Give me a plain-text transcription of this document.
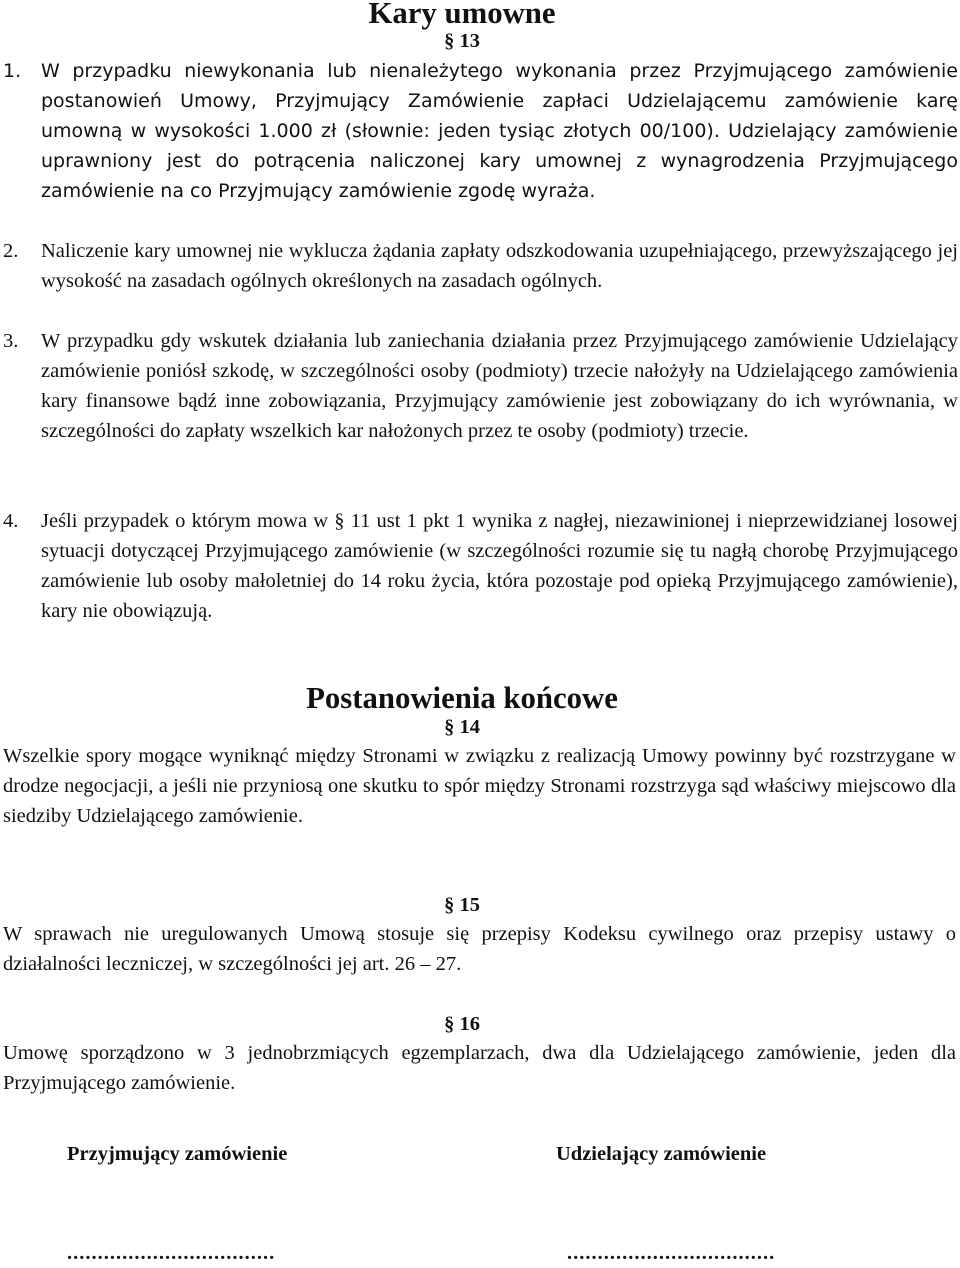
Kary umowne
§ 13
1. W przypadku niewykonania lub nienależytego wykonania przez Przyjmującego zamówienie postanowień Umowy, Przyjmujący Zamówienie zapłaci Udzielającemu zamówienie karę umowną w wysokości 1.000 zł (słownie: jeden tysiąc złotych 00/100). Udzielający zamówienie uprawniony jest do potrącenia naliczonej kary umownej z wynagrodzenia Przyjmującego zamówienie na co Przyjmujący zamówienie zgodę wyraża.
2. Naliczenie kary umownej nie wyklucza żądania zapłaty odszkodowania uzupełniającego, przewyższającego jej wysokość na zasadach ogólnych określonych na zasadach ogólnych.
3. W przypadku gdy wskutek działania lub zaniechania działania przez Przyjmującego zamówienie Udzielający zamówienie poniósł szkodę, w szczególności osoby (podmioty) trzecie nałożyły na Udzielającego zamówienia kary finansowe bądź inne zobowiązania, Przyjmujący zamówienie jest zobowiązany do ich wyrównania, w szczególności do zapłaty wszelkich kar nałożonych przez te osoby (podmioty) trzecie.
4. Jeśli przypadek o którym mowa w § 11 ust 1 pkt 1 wynika z nagłej, niezawinionej i nieprzewidzianej losowej sytuacji dotyczącej Przyjmującego zamówienie (w szczególności rozumie się tu nagłą chorobę Przyjmującego zamówienie lub osoby małoletniej do 14 roku życia, która pozostaje pod opieką Przyjmującego zamówienie), kary nie obowiązują.
Postanowienia końcowe
§ 14

Wszelkie spory mogące wyniknąć między Stronami w związku z realizacją Umowy powinny być rozstrzygane w drodze negocjacji, a jeśli nie przyniosą one skutku to spór między Stronami rozstrzyga sąd właściwy miejscowo dla siedziby Udzielającego zamówienie.

§ 15

W sprawach nie uregulowanych Umową stosuje się przepisy Kodeksu cywilnego oraz przepisy ustawy o działalności leczniczej, w szczególności jej art. 26 – 27.

§ 16

Umowę sporządzono w 3 jednobrzmiących egzemplarzach, dwa dla Udzielającego zamówienie, jeden dla Przyjmującego zamówienie.

Przyjmujący zamówienie	Udzielający zamówienie
..................................	..................................
